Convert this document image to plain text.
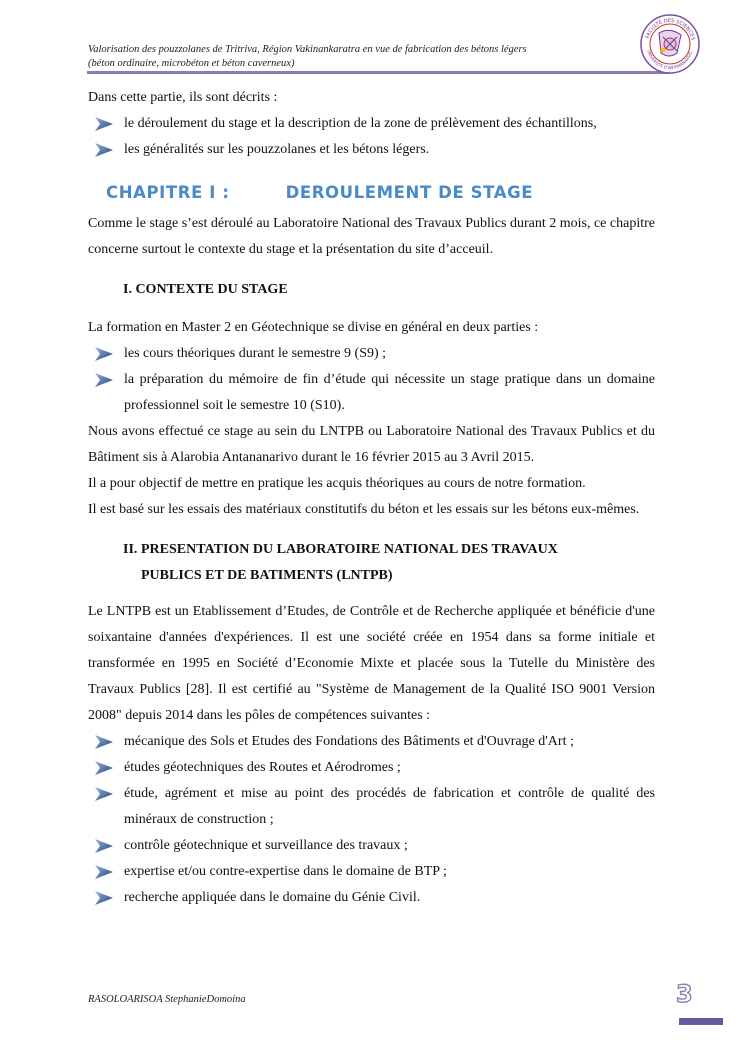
Valorisation des pouzzolanes de Tritriva, Région Vakinankaratra en vue de fabrication des bétons légers
(béton ordinaire, microbéton et béton caverneux)
FACULTÉ DES SCIENCES
UNIVERSITÉ D'ANTANANARIVO

Dans cette partie, ils sont décrits :

le déroulement du stage et la description de la zone de prélèvement des échantillons,
les généralités sur les pouzzolanes et les bétons légers.
CHAPITRE I :	DEROULEMENT DE STAGE

Comme le stage s’est déroulé au Laboratoire National des Travaux Publics durant 2 mois, ce chapitre concerne surtout le contexte du stage et la présentation du site d’acceuil.

I. CONTEXTE DU STAGE

La formation en Master 2 en Géotechnique se divise en général en deux parties :

les cours théoriques durant le semestre 9 (S9) ;
la préparation du mémoire de fin d’étude qui nécessite un stage pratique dans un domaine professionnel soit le semestre 10 (S10).

Nous avons effectué ce stage au sein du LNTPB ou Laboratoire National des Travaux Publics et du Bâtiment sis à Alarobia Antananarivo durant le 16 février 2015 au 3 Avril 2015.

Il a pour objectif de mettre en pratique les acquis théoriques au cours de notre formation.

Il est basé sur les essais des matériaux constitutifs du béton et les essais sur les bétons eux-mêmes.

II. PRESENTATION DU LABORATOIRE NATIONAL DES TRAVAUX
PUBLICS ET DE BATIMENTS (LNTPB)

Le LNTPB est un Etablissement d’Etudes, de Contrôle et de Recherche appliquée et bénéficie d'une soixantaine d'années d'expériences. Il est une société créée en 1954 dans sa forme initiale et transformée en 1995 en Société d’Economie Mixte et placée sous la Tutelle du Ministère des Travaux Publics [28]. Il est certifié au "Système de Management de la Qualité ISO 9001 Version 2008" depuis 2014 dans les pôles de compétences suivantes :

mécanique des Sols et Etudes des Fondations des Bâtiments et d'Ouvrage d'Art ;
études géotechniques des Routes et Aérodromes ;
étude, agrément et mise au point des procédés de fabrication et contrôle de qualité des minéraux de construction ;
contrôle géotechnique et surveillance des travaux ;
expertise et/ou contre-expertise dans le domaine de BTP ;
recherche appliquée dans le domaine du Génie Civil.
RASOLOARISOA StephanieDomoina	3
